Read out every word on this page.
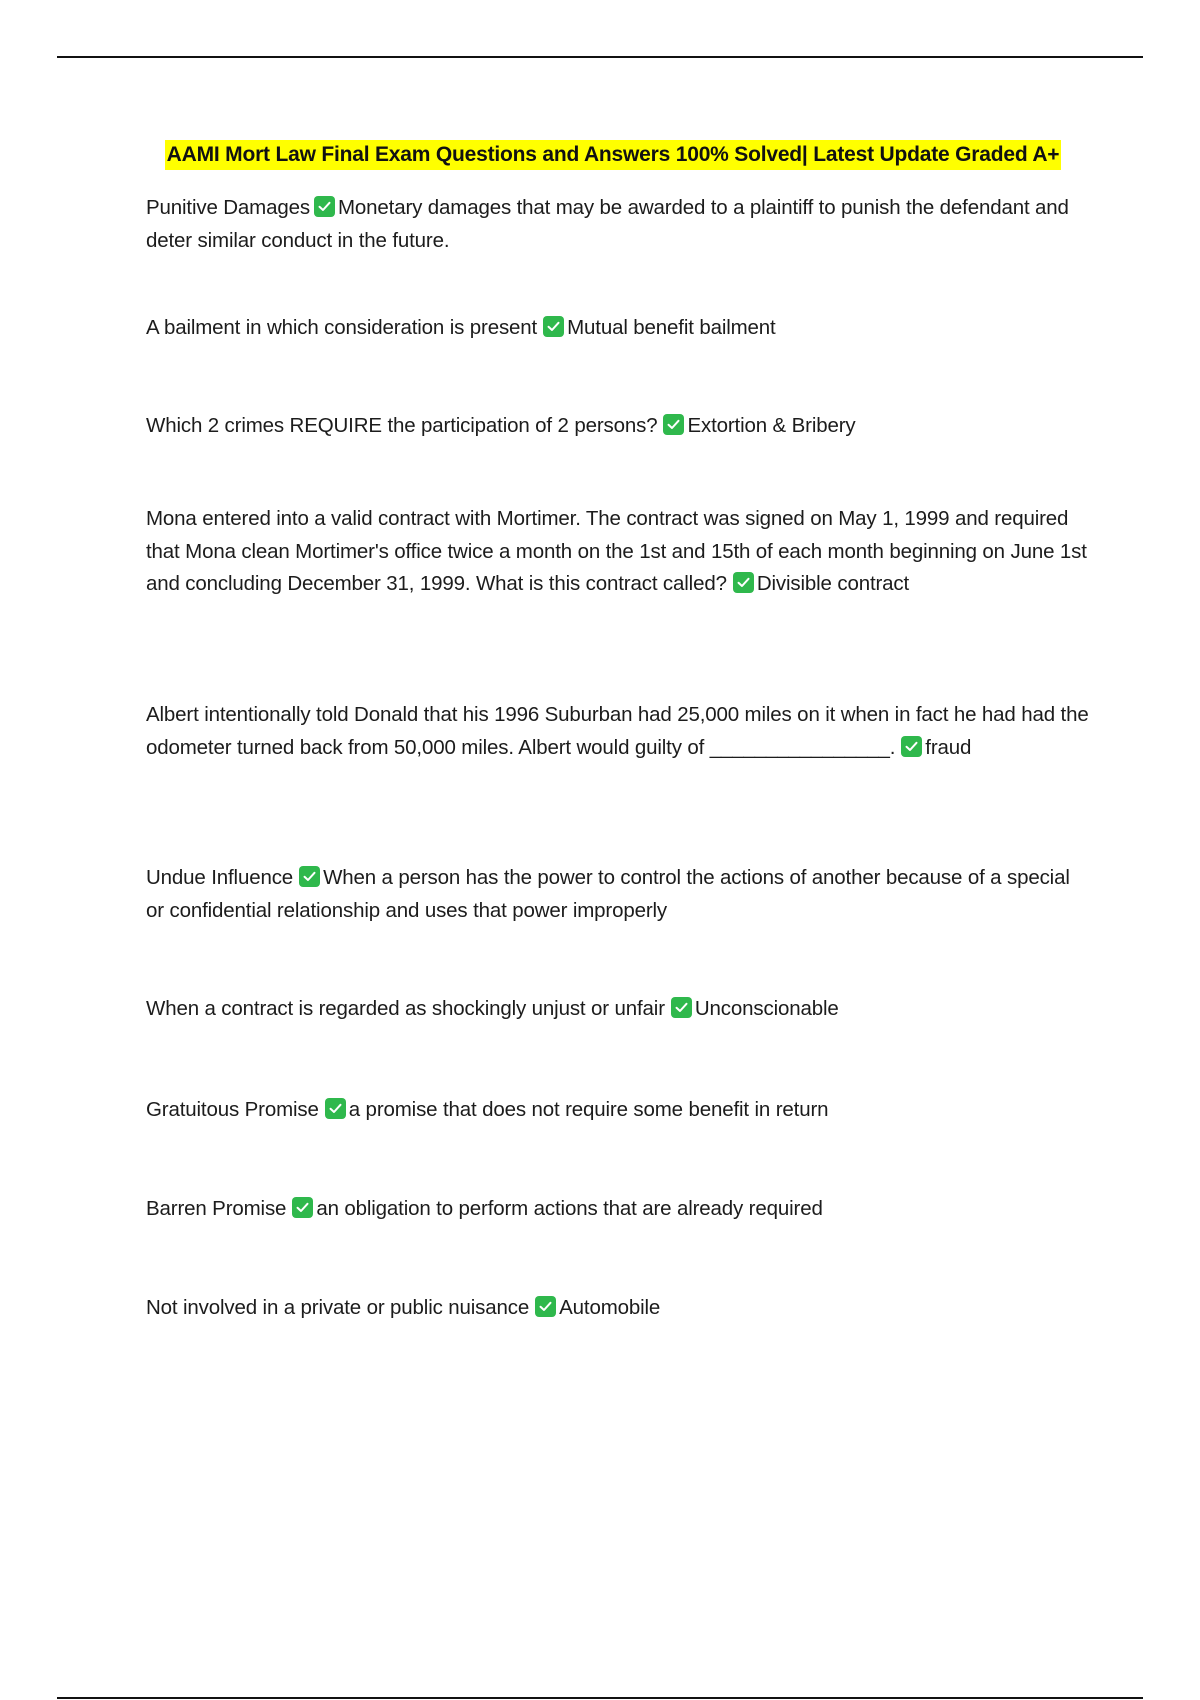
AAMI Mort Law Final Exam Questions and Answers 100% Solved| Latest Update Graded A+
Punitive Damages Monetary damages that may be awarded to a plaintiff to punish the defendant and deter similar conduct in the future.
A bailment in which consideration is present Mutual benefit bailment
Which 2 crimes REQUIRE the participation of 2 persons? Extortion & Bribery
Mona entered into a valid contract with Mortimer. The contract was signed on May 1, 1999 and required that Mona clean Mortimer's office twice a month on the 1st and 15th of each month beginning on June 1st and concluding December 31, 1999. What is this contract called? Divisible contract
Albert intentionally told Donald that his 1996 Suburban had 25,000 miles on it when in fact he had had the odometer turned back from 50,000 miles. Albert would guilty of ________________. fraud
Undue Influence When a person has the power to control the actions of another because of a special or confidential relationship and uses that power improperly
When a contract is regarded as shockingly unjust or unfair Unconscionable
Gratuitous Promise a promise that does not require some benefit in return
Barren Promise an obligation to perform actions that are already required
Not involved in a private or public nuisance Automobile
